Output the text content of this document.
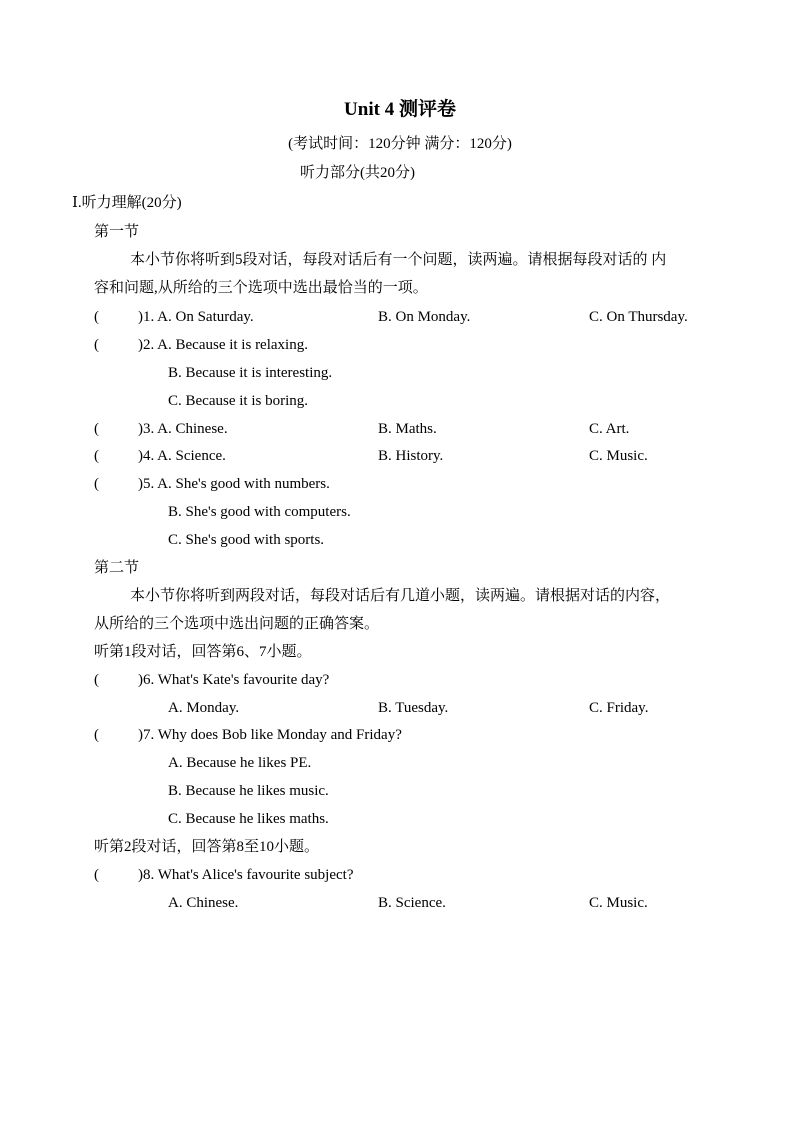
Unit 4 测评卷
(考试时间：120分钟 满分：120分)
听力部分(共20分)
Ⅰ.听力理解(20分)
第一节
本小节你将听到5段对话，每段对话后有一个问题，读两遍。请根据每段对话的 内
容和问题,从所给的三个选项中选出最恰当的一项。
(	)1. A. On Saturday.	B. On Monday.	C. On Thursday.
(	)2. A. Because it is relaxing.
B. Because it is interesting.
C. Because it is boring.
(	)3. A. Chinese.	B. Maths.	C. Art.
(	)4. A. Science.	B. History.	C. Music.
(	)5. A. She's good with numbers.
B. She's good with computers.
C. She's good with sports.
第二节
本小节你将听到两段对话，每段对话后有几道小题，读两遍。请根据对话的内容，
从所给的三个选项中选出问题的正确答案。
听第1段对话，回答第6、7小题。
(	)6. What's Kate's favourite day?
A. Monday.	B. Tuesday.	C. Friday.
(	)7. Why does Bob like Monday and Friday?
A. Because he likes PE.
B. Because he likes music.
C. Because he likes maths.
听第2段对话，回答第8至10小题。
(	)8. What's Alice's favourite subject?
A. Chinese.	B. Science.	C. Music.
